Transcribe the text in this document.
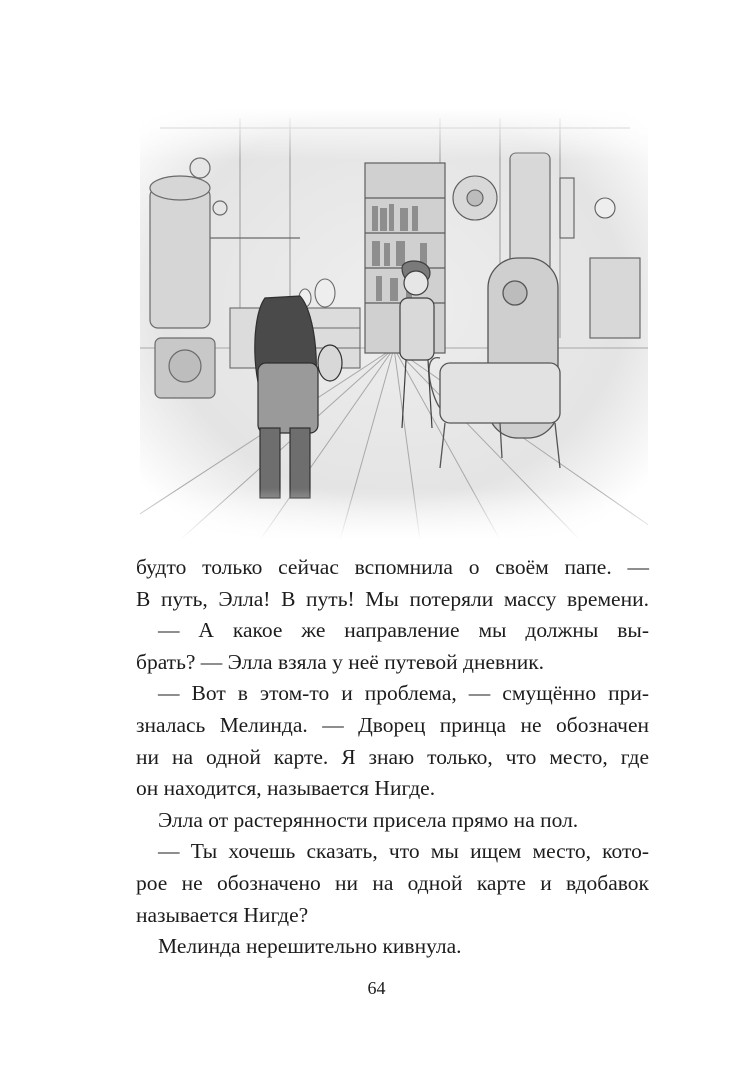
будто только сейчас вспомнила о своём папе. —
В путь, Элла! В путь! Мы потеряли массу времени.
— А какое же направление мы должны вы-
брать? — Элла взяла у неё путевой дневник.
— Вот в этом-то и проблема, — смущённо при-
зналась Мелинда. — Дворец принца не обозначен
ни на одной карте. Я знаю только, что место, где
он находится, называется Нигде.
Элла от растерянности присела прямо на пол.
— Ты хочешь сказать, что мы ищем место, кото-
рое не обозначено ни на одной карте и вдобавок
называется Нигде?
Мелинда нерешительно кивнула.
64
